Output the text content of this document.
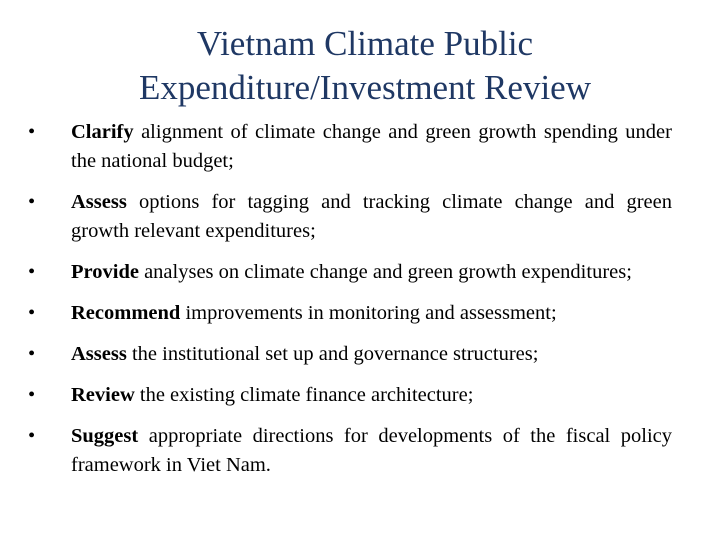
Vietnam Climate Public
Expenditure/Investment Review
•	Clarify alignment of climate change and green growth spending under the national budget;
•	Assess options for tagging and tracking climate change and green growth relevant expenditures;
•	Provide analyses on climate change and green growth expenditures;
•	Recommend improvements in monitoring and assessment;
•	Assess the institutional set up and governance structures;
•	Review the existing climate finance architecture;
•	Suggest appropriate directions for developments of the fiscal policy framework in Viet Nam.
